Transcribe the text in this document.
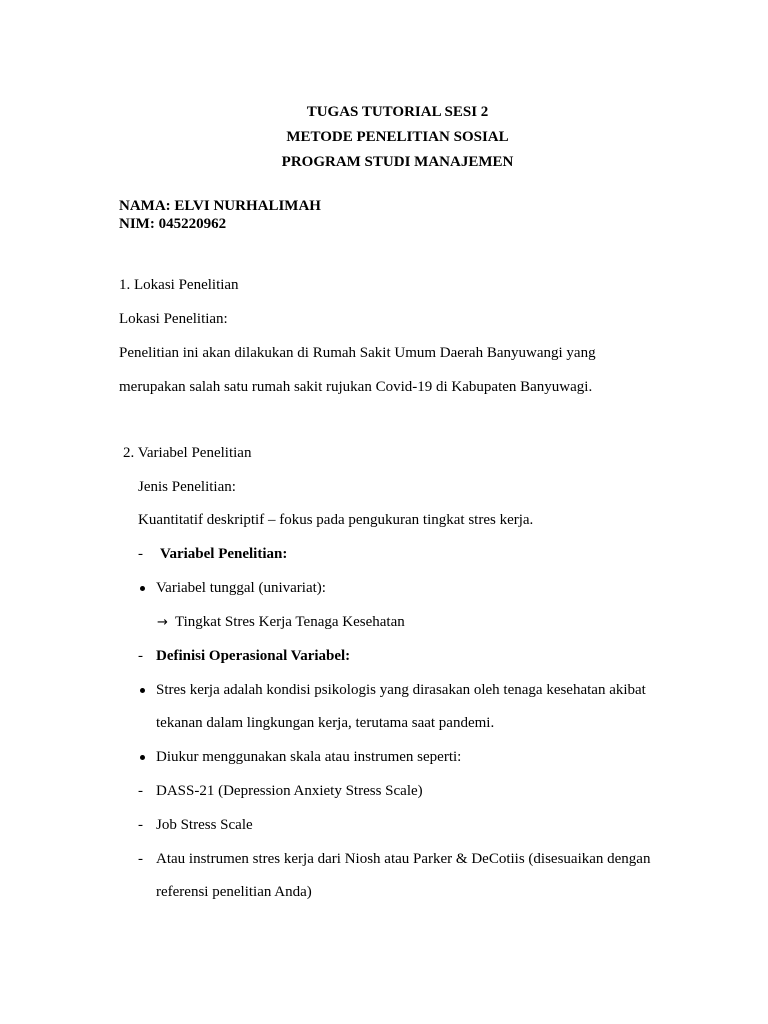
TUGAS TUTORIAL SESI 2
METODE PENELITIAN SOSIAL
PROGRAM STUDI MANAJEMEN
NAMA: ELVI NURHALIMAH
NIM: 045220962
1. Lokasi Penelitian
Lokasi Penelitian:
Penelitian ini akan dilakukan di Rumah Sakit Umum Daerah Banyuwangi yang
merupakan salah satu rumah sakit rujukan Covid-19 di Kabupaten Banyuwagi.
2. Variabel Penelitian
Jenis Penelitian:
Kuantitatif deskriptif – fokus pada pengukuran tingkat stres kerja.
- Variabel Penelitian:
Variabel tunggal (univariat):
→ Tingkat Stres Kerja Tenaga Kesehatan
- Definisi Operasional Variabel:
Stres kerja adalah kondisi psikologis yang dirasakan oleh tenaga kesehatan akibat
tekanan dalam lingkungan kerja, terutama saat pandemi.
Diukur menggunakan skala atau instrumen seperti:
- DASS-21 (Depression Anxiety Stress Scale)
- Job Stress Scale
- Atau instrumen stres kerja dari Niosh atau Parker & DeCotiis (disesuaikan dengan
referensi penelitian Anda)
